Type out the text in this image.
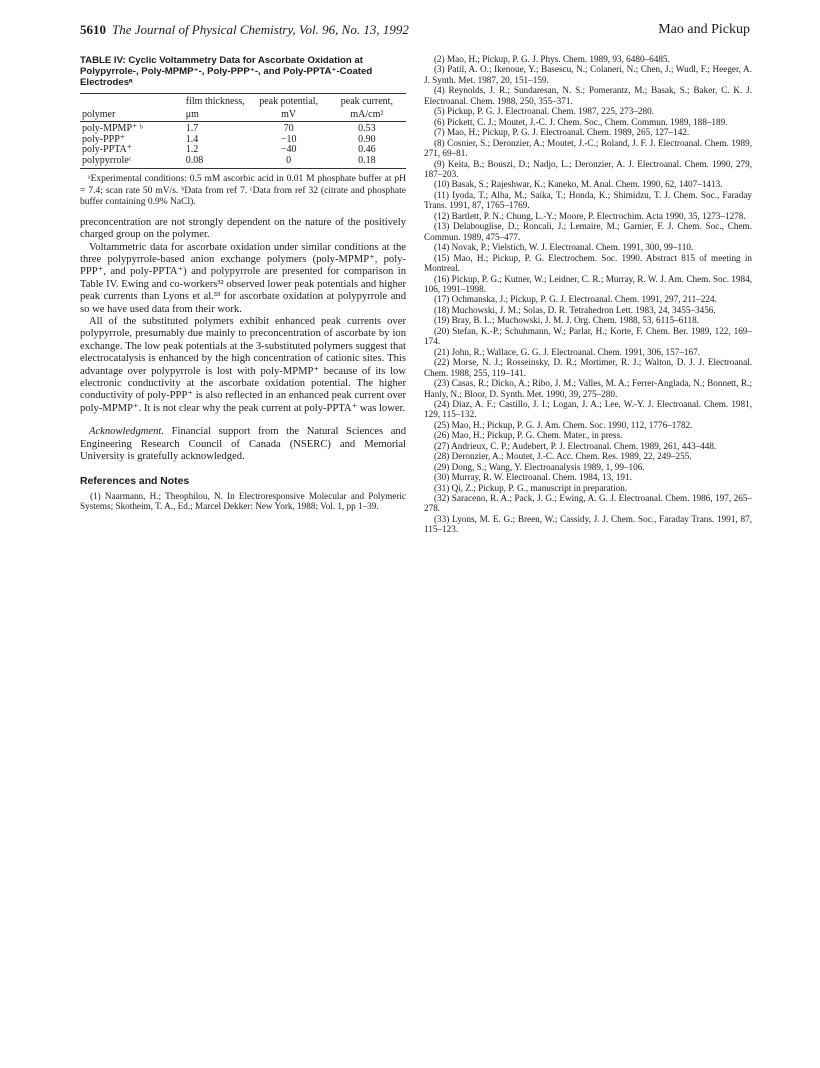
5610 The Journal of Physical Chemistry, Vol. 96, No. 13, 1992	Mao and Pickup
TABLE IV: Cyclic Voltammetry Data for Ascorbate Oxidation at Polypyrrole-, Poly-MPMP⁺-, Poly-PPP⁺-, and Poly-PPTA⁺-Coated Electrodesᵃ
	film thickness,	peak potential,	peak current,
polymer	μm	mV	mA/cm²
poly-MPMP⁺ ᵇ	1.7	70	0.53
poly-PPP⁺	1.4	−10	0.90
poly-PPTA⁺	1.2	−40	0.46
polypyrroleᶜ	0.08	0	0.18

ᵃExperimental conditions: 0.5 mM ascorbic acid in 0.01 M phosphate buffer at pH = 7.4; scan rate 50 mV/s. ᵇData from ref 7. ᶜData from ref 32 (citrate and phosphate buffer containing 0.9% NaCl).

preconcentration are not strongly dependent on the nature of the positively charged group on the polymer.

Voltammetric data for ascorbate oxidation under similar conditions at the three polypyrrole-based anion exchange polymers (poly-MPMP⁺, poly-PPP⁺, and poly-PPTA⁺) and polypyrrole are presented for comparison in Table IV. Ewing and co-workers³² observed lower peak potentials and higher peak currents than Lyons et al.³³ for ascorbate oxidation at polypyrrole and so we have used data from their work.

All of the substituted polymers exhibit enhanced peak currents over polypyrrole, presumably due mainly to preconcentration of ascorbate by ion exchange. The low peak potentials at the 3-substituted polymers suggest that electrocatalysis is enhanced by the high concentration of cationic sites. This advantage over polypyrrole is lost with poly-MPMP⁺ because of its low electronic conductivity at the ascorbate oxidation potential. The higher conductivity of poly-PPP⁺ is also reflected in an enhanced peak current over poly-MPMP⁺. It is not clear why the peak current at poly-PPTA⁺ was lower.

Acknowledgment. Financial support from the Natural Sciences and Engineering Research Council of Canada (NSERC) and Memorial University is gratefully acknowledged.
References and Notes

(1) Naarmann, H.; Theophilou, N. In Electroresponsive Molecular and Polymeric Systems; Skotheim, T. A., Ed.; Marcel Dekker: New York, 1988; Vol. 1, pp 1–39.

(2) Mao, H.; Pickup, P. G. J. Phys. Chem. 1989, 93, 6480–6485.

(3) Patil, A. O.; Ikenoue, Y.; Basescu, N.; Colaneri, N.; Chen, J.; Wudl, F.; Heeger, A. J. Synth. Met. 1987, 20, 151–159.

(4) Reynolds, J. R.; Sundaresan, N. S.; Pomerantz, M.; Basak, S.; Baker, C. K. J. Electroanal. Chem. 1988, 250, 355–371.

(5) Pickup, P. G. J. Electroanal. Chem. 1987, 225, 273–280.

(6) Pickett, C. J.; Moutet, J.-C. J. Chem. Soc., Chem. Commun. 1989, 188–189.

(7) Mao, H.; Pickup, P. G. J. Electroanal. Chem. 1989, 265, 127–142.

(8) Cosnier, S.; Deronzier, A.; Moutet, J.-C.; Roland, J. F. J. Electroanal. Chem. 1989, 271, 69–81.

(9) Keita, B.; Bouszi, D.; Nadjo, L.; Deronzier, A. J. Electroanal. Chem. 1990, 279, 187–203.

(10) Basak, S.; Rajeshwar, K.; Kaneko, M. Anal. Chem. 1990, 62, 1407–1413.

(11) Iyoda, T.; Alba, M.; Saika, T.; Honda, K.; Shimidzu, T. J. Chem. Soc., Faraday Trans. 1991, 87, 1765–1769.

(12) Bartlett, P. N.; Chung, L.-Y.; Moore, P. Electrochim. Acta 1990, 35, 1273–1278.

(13) Delabouglise, D.; Roncali, J.; Lemaire, M.; Garnier, F. J. Chem. Soc., Chem. Commun. 1989, 475–477.

(14) Novak, P.; Vielstich, W. J. Electroanal. Chem. 1991, 300, 99–110.

(15) Mao, H.; Pickup, P. G. Electrochem. Soc. 1990. Abstract 815 of meeting in Montreal.

(16) Pickup, P. G.; Kutner, W.; Leidner, C. R.; Murray, R. W. J. Am. Chem. Soc. 1984, 106, 1991–1998.

(17) Ochmanska, J.; Pickup, P. G. J. Electroanal. Chem. 1991, 297, 211–224.

(18) Muchowski, J. M.; Solas, D. R. Tetrahedron Lett. 1983, 24, 3455–3456.

(19) Bray, B. L.; Muchowski, J. M. J. Org. Chem. 1988, 53, 6115–6118.

(20) Stefan, K.-P.; Schuhmann, W.; Parlar, H.; Korte, F. Chem. Ber. 1989, 122, 169–174.

(21) John, R.; Wallace, G. G. J. Electroanal. Chem. 1991, 306, 157–167.

(22) Morse, N. J.; Rosseinsky, D. R.; Mortimer, R. J.; Walton, D. J. J. Electroanal. Chem. 1988, 255, 119–141.

(23) Casas, R.; Dicko, A.; Ribo, J. M.; Valles, M. A.; Ferrer-Anglada, N.; Bonnett, R.; Hanly, N.; Bloor, D. Synth. Met. 1990, 39, 275–280.

(24) Diaz, A. F.; Castillo, J. I.; Logan, J. A.; Lee, W.-Y. J. Electroanal. Chem. 1981, 129, 115–132.

(25) Mao, H.; Pickup, P. G. J. Am. Chem. Soc. 1990, 112, 1776–1782.

(26) Mao, H.; Pickup, P. G. Chem. Mater., in press.

(27) Andrieux, C. P.; Audebert, P. J. Electroanal. Chem. 1989, 261, 443–448.

(28) Deronzier, A.; Moutet, J.-C. Acc. Chem. Res. 1989, 22, 249–255.

(29) Dong, S.; Wang, Y. Electroanalysis 1989, 1, 99–106.

(30) Murray, R. W. Electroanal. Chem. 1984, 13, 191.

(31) Qi, Z.; Pickup, P. G., manuscript in preparation.

(32) Saraceno, R. A.; Pack, J. G.; Ewing, A. G. J. Electroanal. Chem. 1986, 197, 265–278.

(33) Lyons, M. E. G.; Breen, W.; Cassidy, J. J. Chem. Soc., Faraday Trans. 1991, 87, 115–123.
